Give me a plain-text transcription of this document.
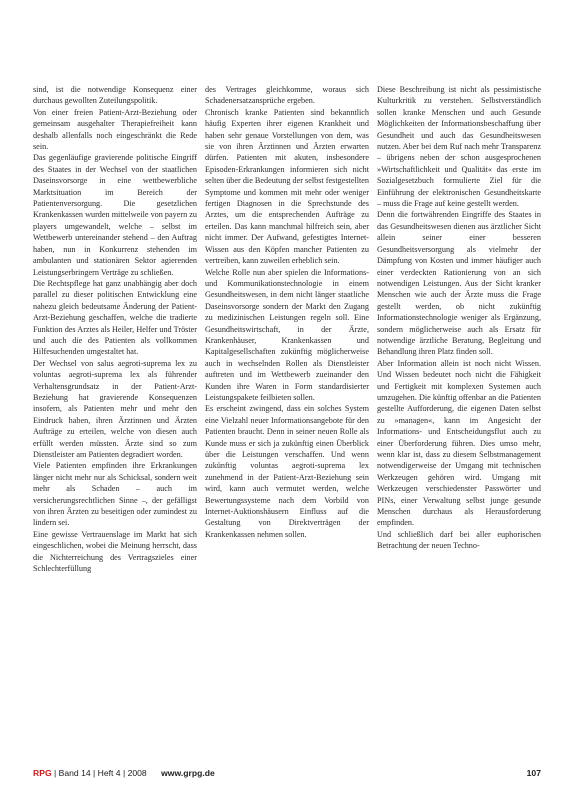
sind, ist die notwendige Konsequenz einer durchaus gewollten Zuteilungspolitik.

Von einer freien Patient-Arzt-Beziehung oder gemeinsam ausgehalter Therapiefreiheit kann deshalb allenfalls noch eingeschränkt die Rede sein.

Das gegenläufige gravierende politische Eingriff des Staates in der Wechsel von der staatlichen Daseinsvorsorge in eine wettbewerbliche Marktsituation im Bereich der Patientenversorgung. Die gesetzlichen Krankenkassen wurden mittelweile von payern zu players umgewandelt, welche – selbst im Wettbewerb untereinander stehend – den Auftrag haben, nun in Konkurrenz stehenden im ambulanten und stationären Sektor agierenden Leistungserbringern Verträge zu schließen.

Die Rechtspflege hat ganz unabhängig aber doch parallel zu dieser politischen Entwicklung eine nahezu gleich bedeutsame Änderung der Patient-Arzt-Beziehung geschaffen, welche die tradierte Funktion des Arztes als Heiler, Helfer und Tröster und auch die des Patienten als vollkommen Hilfesuchenden umgestaltet hat.

Der Wechsel von salus aegroti-suprema lex zu voluntas aegroti-suprema lex als führender Verhaltensgrundsatz in der Patient-Arzt-Beziehung hat gravierende Konsequenzen insofern, als Patienten mehr und mehr den Eindruck haben, ihren Ärztinnen und Ärzten Aufträge zu erteilen, welche von diesen auch erfüllt werden müssten. Ärzte sind so zum Dienstleister am Patienten degradiert worden.

Viele Patienten empfinden ihre Erkrankungen länger nicht mehr nur als Schicksal, sondern weit mehr als Schaden – auch im versicherungsrechtlichen Sinne –, der gefälligst von ihren Ärzten zu beseitigen oder zumindest zu lindern sei.

Eine gewisse Vertrauenslage im Markt hat sich eingeschlichen, wobei die Meinung herrscht, dass die Nichterreichung des Vertragszieles einer Schlechterfüllung

des Vertrages gleichkomme, woraus sich Schadenersatzansprüche ergeben.

Chronisch kranke Patienten sind bekanntlich häufig Experten ihrer eigenen Krankheit und haben sehr genaue Vorstellungen von dem, was sie von ihren Ärztinnen und Ärzten erwarten dürfen. Patienten mit akuten, insbesondere Episoden-Erkrankungen informieren sich nicht selten über die Bedeutung der selbst festgestellten Symptome und kommen mit mehr oder weniger fertigen Diagnosen in die Sprechstunde des Arztes, um die entsprechenden Aufträge zu erteilen. Das kann manchmal hilfreich sein, aber nicht immer. Der Aufwand, gefestigtes Internet-Wissen aus den Köpfen mancher Patienten zu vertreiben, kann zuweilen erheblich sein.

Welche Rolle nun aber spielen die Informations- und Kommunikationstechnologie in einem Gesundheitswesen, in dem nicht länger staatliche Daseinsvorsorge sondern der Markt den Zugang zu medizinischen Leistungen regeln soll. Eine Gesundheitswirtschaft, in der Ärzte, Krankenhäuser, Krankenkassen und Kapitalgesellschaften zukünftig möglicherweise auch in wechselnden Rollen als Dienstleister auftreten und im Wettbewerb zueinander den Kunden ihre Waren in Form standardisierter Leistungspakete feilbieten sollen.

Es erscheint zwingend, dass ein solches System eine Vielzahl neuer Informationsangebote für den Patienten braucht. Denn in seiner neuen Rolle als Kunde muss er sich ja zukünftig einen Überblick über die Leistungen verschaffen. Und wenn zukünftig voluntas aegroti-suprema lex zunehmend in der Patient-Arzt-Beziehung sein wird, kann auch vermutet werden, welche Bewertungssysteme nach dem Vorbild von Internet-Auktionshäusern Einfluss auf die Gestaltung von Direktverträgen der Krankenkassen nehmen sollen.

Diese Beschreibung ist nicht als pessimistische Kulturkritik zu verstehen. Selbstverständlich sollen kranke Menschen und auch Gesunde Möglichkeiten der Informationsbeschaffung über Gesundheit und auch das Gesundheitswesen nutzen. Aber bei dem Ruf nach mehr Transparenz – übrigens neben der schon ausgesprochenen »Wirtschaftlichkeit und Qualität« das erste im Sozialgesetzbuch formulierte Ziel für die Einführung der elektronischen Gesundheitskarte – muss die Frage auf keine gestellt werden.

Denn die fortwährenden Eingriffe des Staates in das Gesundheitswesen dienen aus ärztlicher Sicht allein seiner einer besseren Gesundheitsversorgung als vielmehr der Dämpfung von Kosten und immer häufiger auch einer verdeckten Rationierung von an sich notwendigen Leistungen. Aus der Sicht kranker Menschen wie auch der Ärzte muss die Frage gestellt werden, ob nicht zukünftig Informationstechnologie weniger als Ergänzung, sondern möglicherweise auch als Ersatz für notwendige ärztliche Beratung, Begleitung und Behandlung ihren Platz finden soll.

Aber Information allein ist noch nicht Wissen. Und Wissen bedeutet noch nicht die Fähigkeit und Fertigkeit mit komplexen Systemen auch umzugehen. Die künftig offenbar an die Patienten gestellte Aufforderung, die eigenen Daten selbst zu »managen«, kann im Angesicht der Informations- und Entscheidungsflut auch zu einer Überforderung führen. Dies umso mehr, wenn klar ist, dass zu diesem Selbstmanagement notwendigerweise der Umgang mit technischen Werkzeugen gehören wird. Umgang mit Werkzeugen verschiedenster Passwörter und PINs, einer Verwaltung selbst junge gesunde Menschen durchaus als Herausforderung empfinden.

Und schließlich darf bei aller euphorischen Betrachtung der neuen Techno-

RPG | Band 14 | Heft 4 | 2008 www.grpg.de	107
